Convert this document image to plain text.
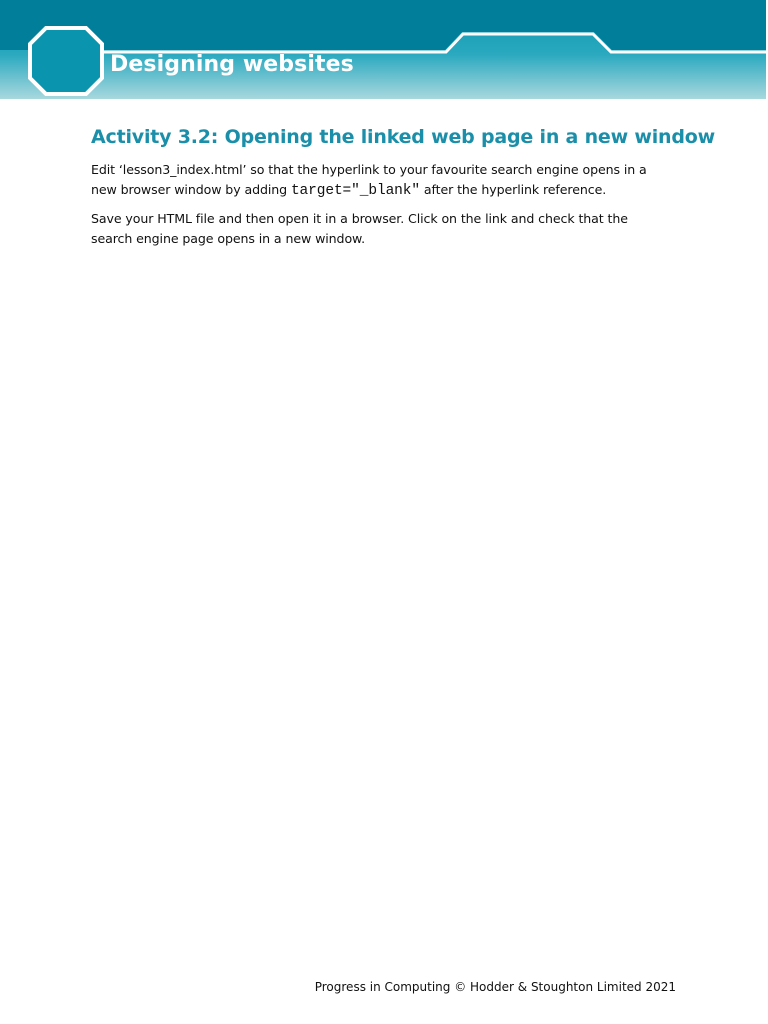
Designing websites
Activity 3.2: Opening the linked web page in a new window

Edit ‘lesson3_index.html’ so that the hyperlink to your favourite search engine opens in a new browser window by adding target="_blank" after the hyperlink reference.

Save your HTML file and then open it in a browser. Click on the link and check that the search engine page opens in a new window.

Progress in Computing © Hodder & Stoughton Limited 2021
